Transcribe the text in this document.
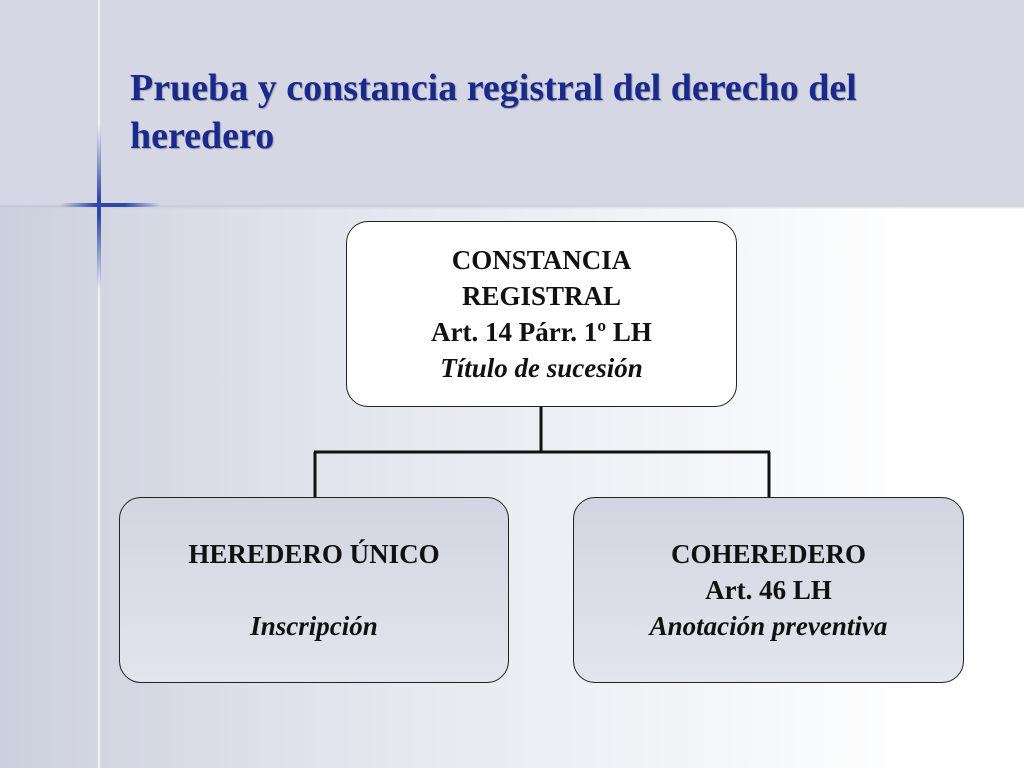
Prueba y constancia registral del derecho del heredero
CONSTANCIA
REGISTRAL
Art. 14 Párr. 1º LH
Título de sucesión
HEREDERO ÚNICO
Inscripción
COHEREDERO
Art. 46 LH
Anotación preventiva
